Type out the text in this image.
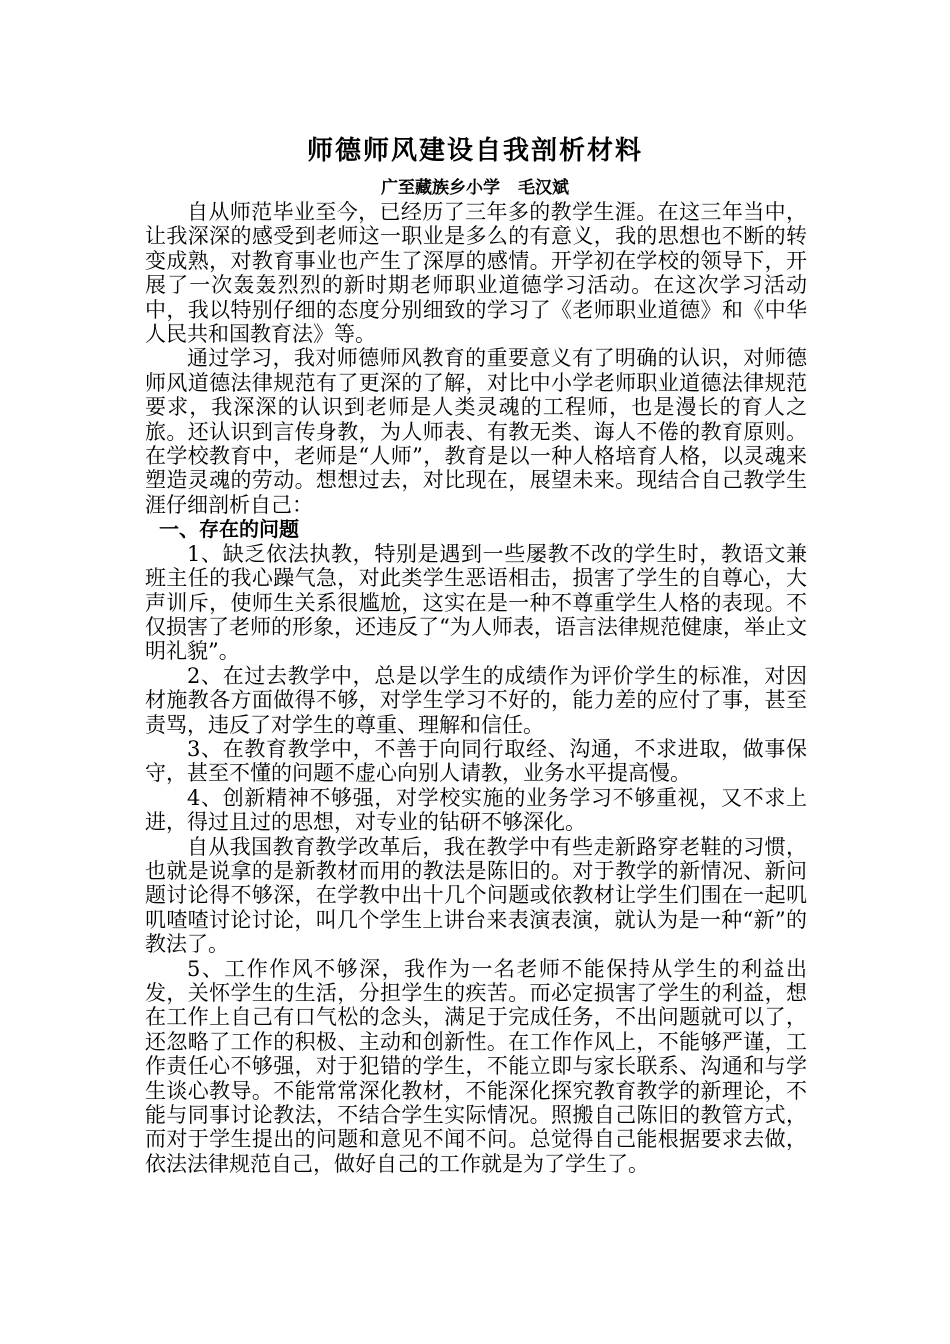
师德师风建设自我剖析材料
广至藏族乡小学 毛汉斌

自从师范毕业至今，已经历了三年多的教学生涯。在这三年当中，让我深深的感受到老师这一职业是多么的有意义，我的思想也不断的转变成熟，对教育事业也产生了深厚的感情。开学初在学校的领导下，开展了一次轰轰烈烈的新时期老师职业道德学习活动。在这次学习活动中，我以特别仔细的态度分别细致的学习了《老师职业道德》和《中华人民共和国教育法》等。

通过学习，我对师德师风教育的重要意义有了明确的认识，对师德师风道德法律规范有了更深的了解，对比中小学老师职业道德法律规范要求，我深深的认识到老师是人类灵魂的工程师，也是漫长的育人之旅。还认识到言传身教，为人师表、有教无类、诲人不倦的教育原则。在学校教育中，老师是“人师”，教育是以一种人格培育人格，以灵魂来塑造灵魂的劳动。想想过去，对比现在，展望未来。现结合自己教学生涯仔细剖析自己：

一、存在的问题

1、缺乏依法执教，特别是遇到一些屡教不改的学生时，教语文兼班主任的我心躁气急，对此类学生恶语相击，损害了学生的自尊心，大声训斥，使师生关系很尴尬，这实在是一种不尊重学生人格的表现。不仅损害了老师的形象，还违反了“为人师表，语言法律规范健康，举止文明礼貌”。

2、在过去教学中，总是以学生的成绩作为评价学生的标准，对因材施教各方面做得不够，对学生学习不好的，能力差的应付了事，甚至责骂，违反了对学生的尊重、理解和信任。

3、在教育教学中，不善于向同行取经、沟通，不求进取，做事保守，甚至不懂的问题不虚心向别人请教，业务水平提高慢。

4、创新精神不够强，对学校实施的业务学习不够重视，又不求上进，得过且过的思想，对专业的钻研不够深化。

自从我国教育教学改革后，我在教学中有些走新路穿老鞋的习惯，也就是说拿的是新教材而用的教法是陈旧的。对于教学的新情况、新问题讨论得不够深，在学教中出十几个问题或依教材让学生们围在一起叽叽喳喳讨论讨论，叫几个学生上讲台来表演表演，就认为是一种“新”的教法了。

5、工作作风不够深，我作为一名老师不能保持从学生的利益出发，关怀学生的生活，分担学生的疾苦。而必定损害了学生的利益，想在工作上自己有口气松的念头，满足于完成任务，不出问题就可以了，还忽略了工作的积极、主动和创新性。在工作作风上，不能够严谨，工作责任心不够强，对于犯错的学生，不能立即与家长联系、沟通和与学生谈心教导。不能常常深化教材，不能深化探究教育教学的新理论，不能与同事讨论教法，不结合学生实际情况。照搬自己陈旧的教管方式，而对于学生提出的问题和意见不闻不问。总觉得自己能根据要求去做，依法法律规范自己，做好自己的工作就是为了学生了。
